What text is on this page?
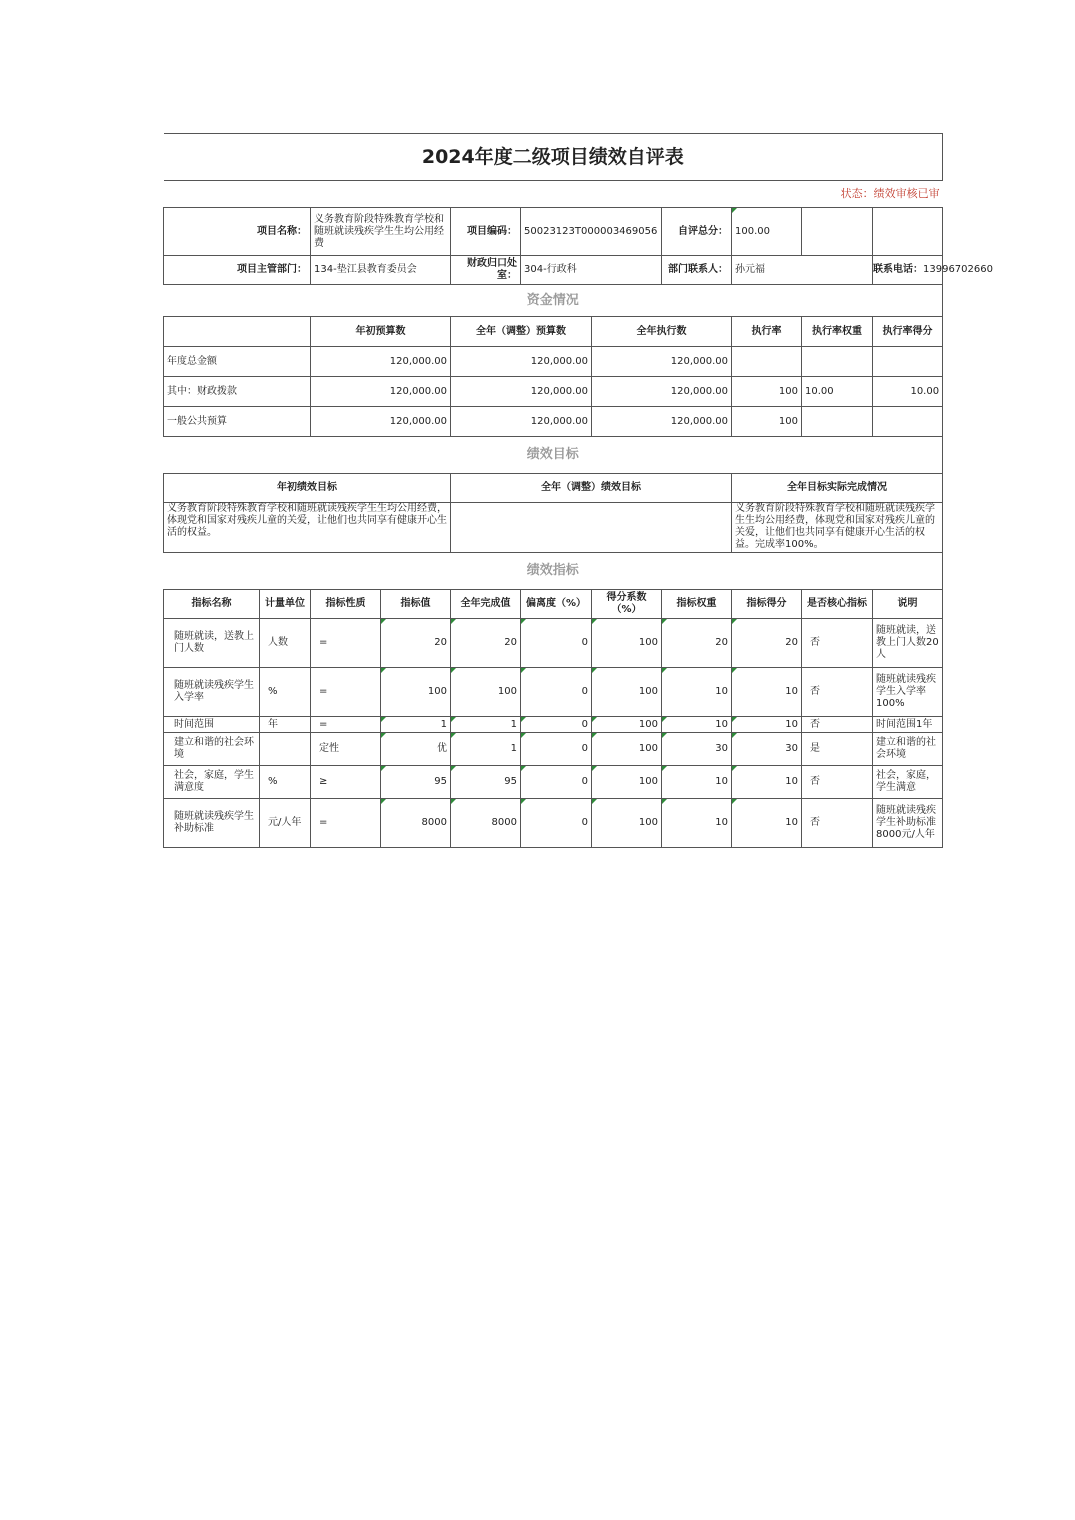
2024年度二级项目绩效自评表										
状态：绩效审核已审										
项目名称：		义务教育阶段特殊教育学校和随班就读残疾学生生均公用经费		项目编码：	50023123T000003469056		自评总分：	100.00		
项目主管部门：		134-垫江县教育委员会		财政归口处室：	304-行政科		部门联系人：	孙元福		联系电话：13996702660
资金情况										
		年初预算数		全年（调整）预算数		全年执行数		执行率	执行率权重	执行率得分
年度总金额		120,000.00		120,000.00		120,000.00				
其中：财政拨款		120,000.00		120,000.00		120,000.00		100	10.00	10.00
一般公共预算		120,000.00		120,000.00		120,000.00		100		
绩效目标										
年初绩效目标				全年（调整）绩效目标				全年目标实际完成情况		
义务教育阶段特殊教育学校和随班就读残疾学生生均公用经费，体现党和国家对残疾儿童的关爱，让他们也共同享有健康开心生活的权益。								义务教育阶段特殊教育学校和随班就读残疾学生生均公用经费，体现党和国家对残疾儿童的关爱，让他们也共同享有健康开心生活的权益。完成率100%。		
绩效指标										
指标名称	计量单位	指标性质	指标值	全年完成值	偏离度（%）	得分系数（%）	指标权重	指标得分	是否核心指标	说明
随班就读，送教上门人数	人数	=	20	20	0	100	20	20	否	随班就读，送教上门人数20人
随班就读残疾学生入学率	%	=	100	100	0	100	10	10	否	随班就读残疾学生入学率100%
时间范围	年	=	1	1	0	100	10	10	否	时间范围1年
建立和谐的社会环境		定性	优	1	0	100	30	30	是	建立和谐的社会环境
社会，家庭，学生满意度	%	≥	95	95	0	100	10	10	否	社会，家庭，学生满意
随班就读残疾学生补助标准	元/人年	=	8000	8000	0	100	10	10	否	随班就读残疾学生补助标准8000元/人年
